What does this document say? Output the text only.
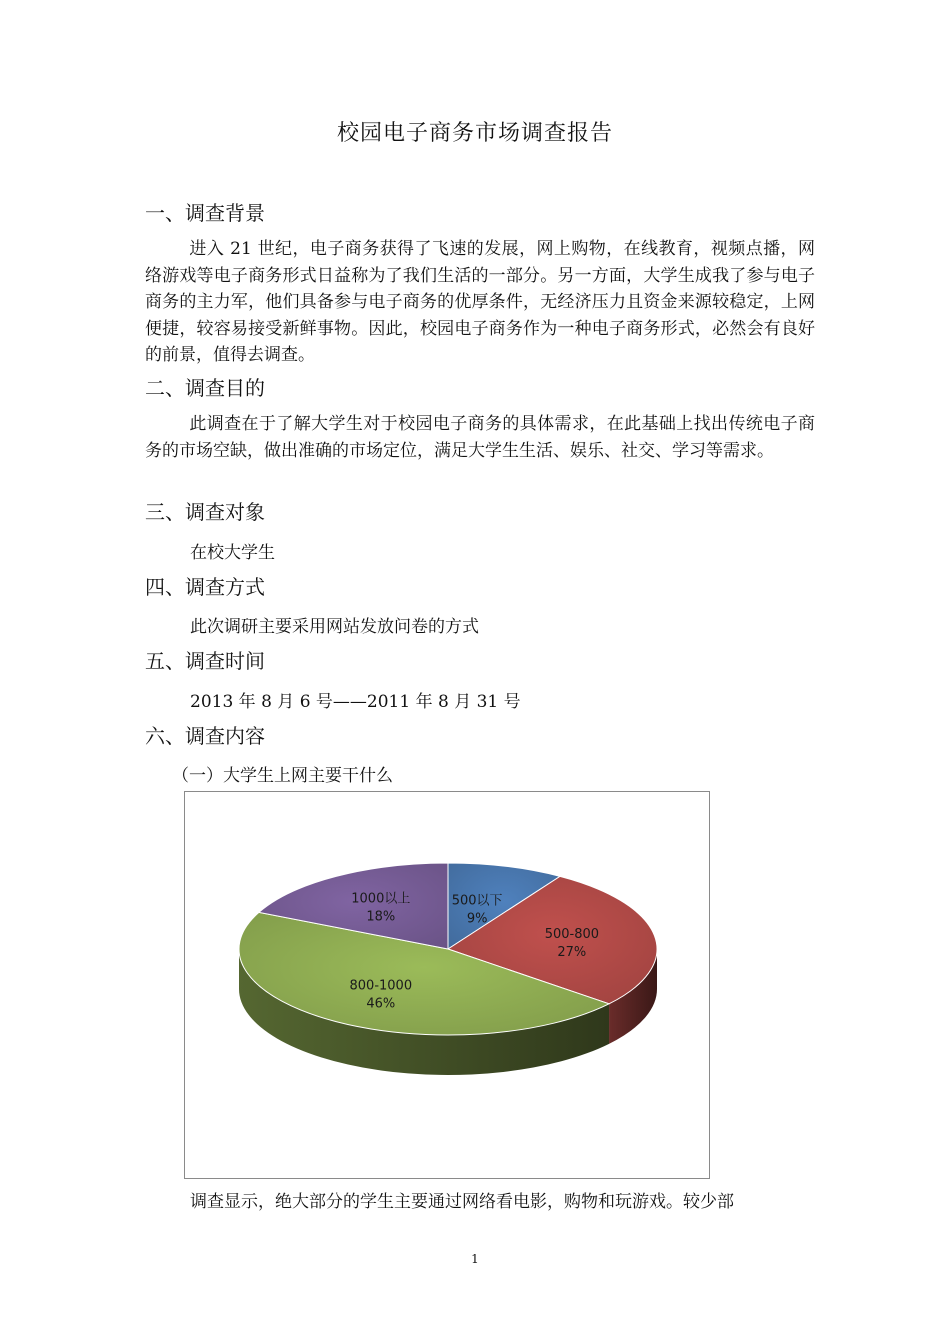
校园电子商务市场调查报告
一、调查背景
进入 21 世纪，电子商务获得了飞速的发展，网上购物，在线教育，视频点播，网络游戏等电子商务形式日益称为了我们生活的一部分。另一方面，大学生成我了参与电子商务的主力军，他们具备参与电子商务的优厚条件，无经济压力且资金来源较稳定，上网便捷，较容易接受新鲜事物。因此，校园电子商务作为一种电子商务形式，必然会有良好的前景，值得去调查。
二、调查目的
此调查在于了解大学生对于校园电子商务的具体需求，在此基础上找出传统电子商务的市场空缺，做出准确的市场定位，满足大学生生活、娱乐、社交、学习等需求。
三、调查对象
在校大学生
四、调查方式
此次调研主要采用网站发放问卷的方式
五、调查时间
2013 年 8 月 6 号——2011 年 8 月 31 号
六、调查内容
（一）大学生上网主要干什么
500以下
9%
500-800
27%
800-1000
46%
1000以上
18%
调查显示，绝大部分的学生主要通过网络看电影，购物和玩游戏。较少部
1
